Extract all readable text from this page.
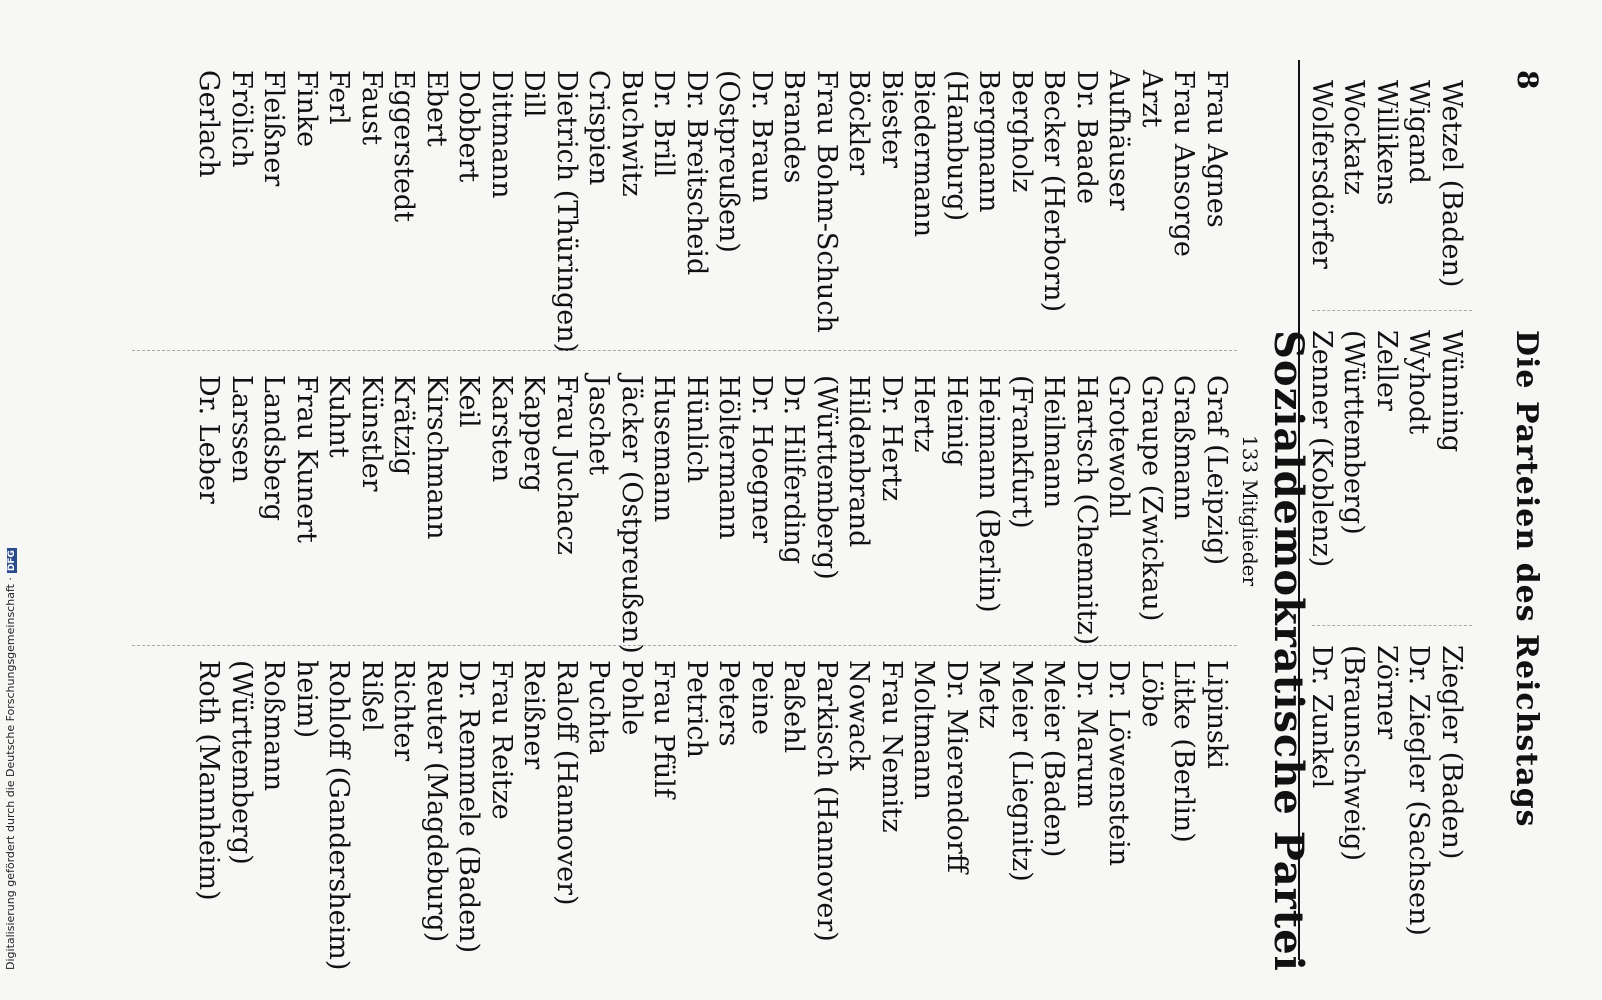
8
Die Parteien des Reichstags
Wetzel (Baden)
Wigand
Willikens
Wockatz
Wolfersdörfer
Wünning
Wyhodt
Zeller
(Württemberg)
Zenner (Koblenz)
Ziegler (Baden)
Dr. Ziegler (Sachsen)
Zörner
(Braunschweig)
Dr. Zunkel
Sozialdemokratische Partei
133 Mitglieder
Frau Agnes
Frau Ansorge
Arzt
Aufhäuser
Dr. Baade
Becker (Herborn)
Bergholz
Bergmann
(Hamburg)
Biedermann
Biester
Böckler
Frau Bohm-Schuch
Brandes
Dr. Braun
(Ostpreußen)
Dr. Breitscheid
Dr. Brill
Buchwitz
Crispien
Dietrich (Thüringen)
Dill
Dittmann
Dobbert
Ebert
Eggerstedt
Faust
Ferl
Finke
Fleißner
Frölich
Gerlach
Graf (Leipzig)
Graßmann
Graupe (Zwickau)
Grotewohl
Hartsch (Chemnitz)
Heilmann
(Frankfurt)
Heimann (Berlin)
Heinig
Hertz
Dr. Hertz
Hildenbrand
(Württemberg)
Dr. Hilferding
Dr. Hoegner
Höltermann
Hünlich
Husemann
Jäcker (Ostpreußen)
Jaschet
Frau Juchacz
Kapperg
Karsten
Keil
Kirschmann
Krätzig
Künstler
Kuhnt
Frau Kunert
Landsberg
Larssen
Dr. Leber
Lipinski
Litke (Berlin)
Löbe
Dr. Löwenstein
Dr. Marum
Meier (Baden)
Meier (Liegnitz)
Metz
Dr. Mierendorff
Moltmann
Frau Nemitz
Nowack
Parkisch (Hannover)
Paßehl
Peine
Peters
Petrich
Frau Pfülf
Pohle
Puchta
Raloff (Hannover)
Reißner
Frau Reitze
Dr. Remmele (Baden)
Reuter (Magdeburg)
Richter
Rißel
Rohloff (Gandersheim)
heim)
Roßmann
(Württemberg)
Roth (Mannheim)
Digitalisierung gefördert durch die Deutsche Forschungsgemeinschaft ·DFG
